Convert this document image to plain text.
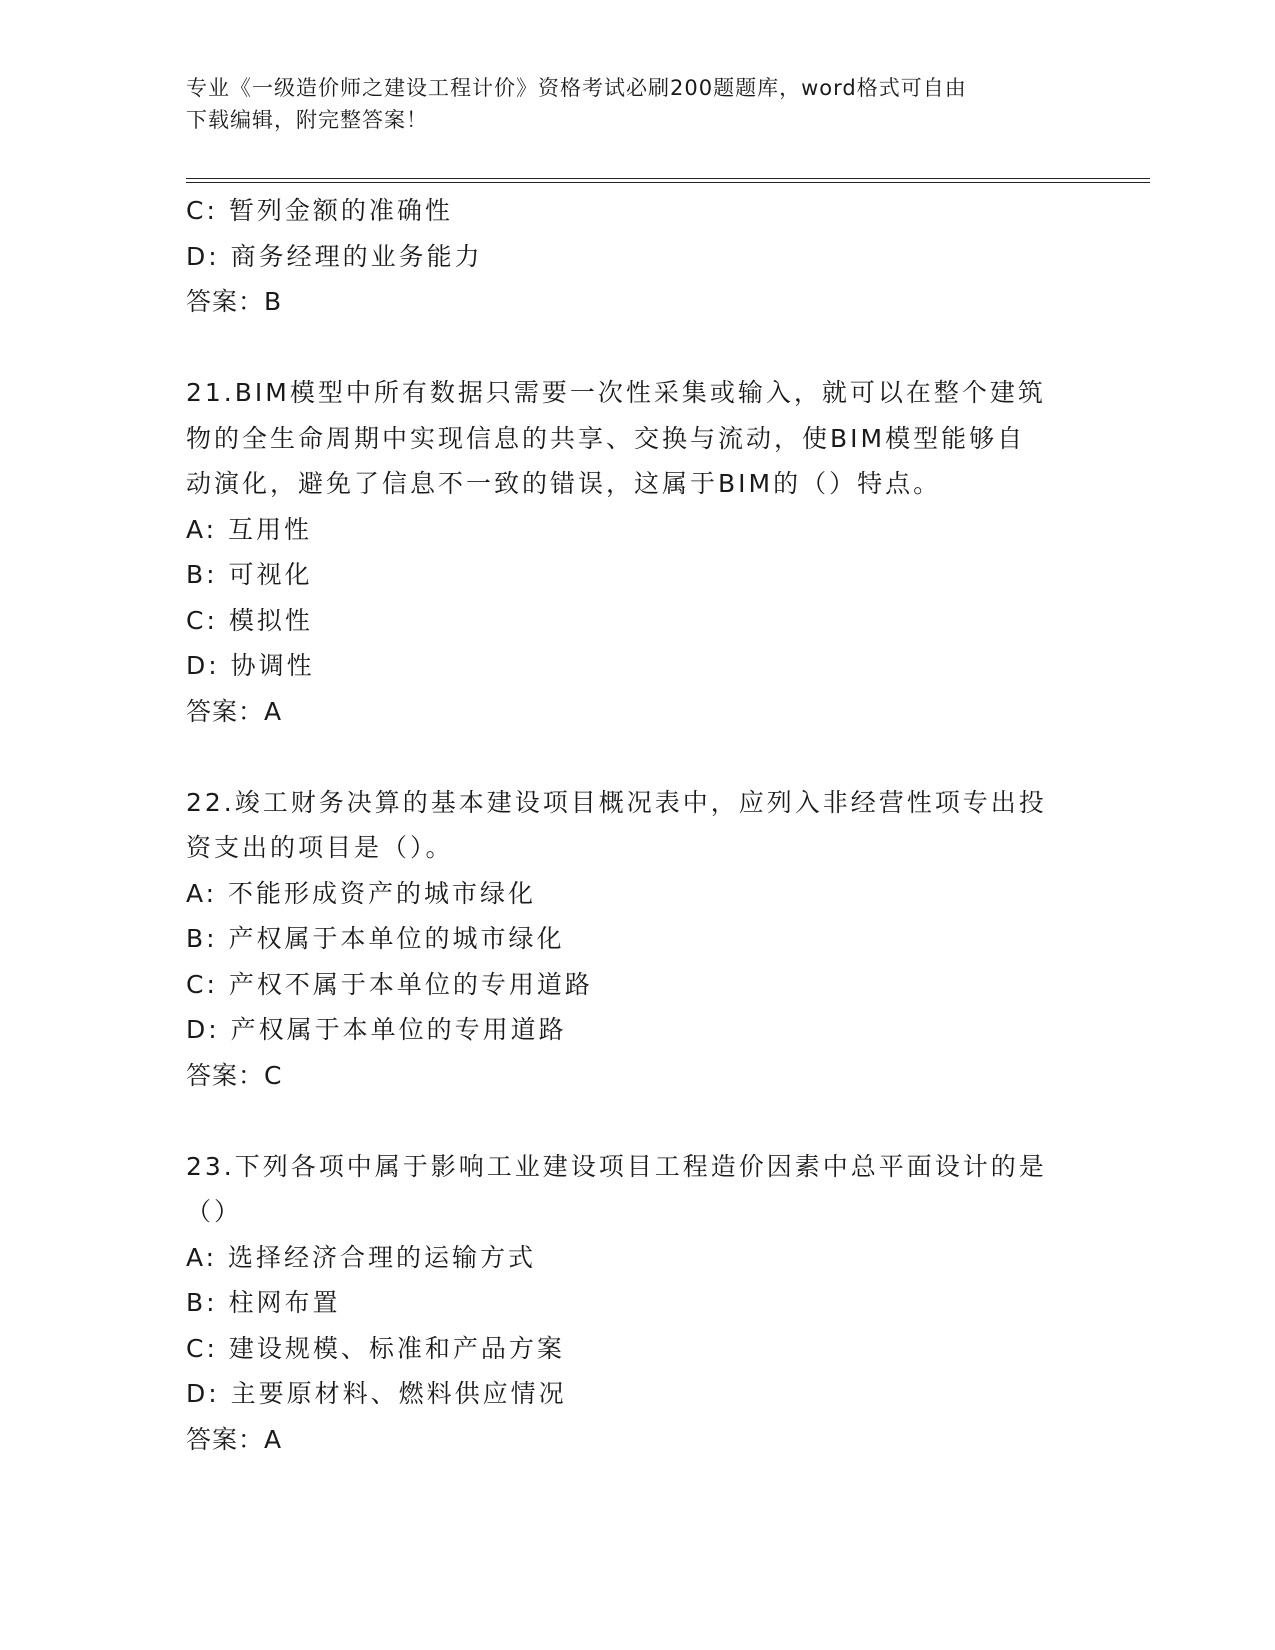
专业《一级造价师之建设工程计价》资格考试必刷200题题库，word格式可自由
下载编辑，附完整答案！
C: 暂列金额的准确性
D: 商务经理的业务能力
答案：B
21.BIM模型中所有数据只需要一次性采集或输入，就可以在整个建筑
物的全生命周期中实现信息的共享、交换与流动，使BIM模型能够自
动演化，避免了信息不一致的错误，这属于BIM的（）特点。
A: 互用性
B: 可视化
C: 模拟性
D: 协调性
答案：A
22.竣工财务决算的基本建设项目概况表中，应列入非经营性项专出投
资支出的项目是（）。
A: 不能形成资产的城市绿化
B: 产权属于本单位的城市绿化
C: 产权不属于本单位的专用道路
D: 产权属于本单位的专用道路
答案：C
23.下列各项中属于影响工业建设项目工程造价因素中总平面设计的是
（）
A: 选择经济合理的运输方式
B: 柱网布置
C: 建设规模、标准和产品方案
D: 主要原材料、燃料供应情况
答案：A
